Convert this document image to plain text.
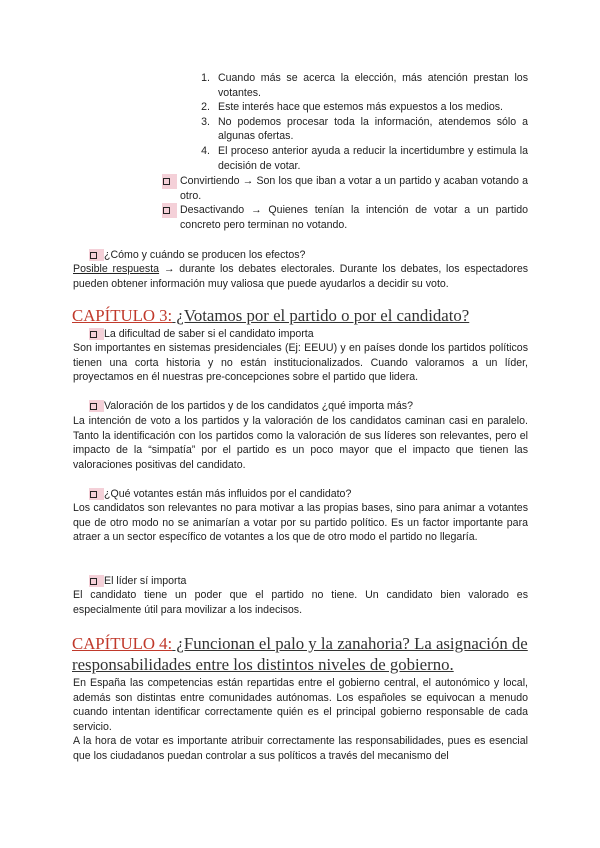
1. Cuando más se acerca la elección, más atención prestan los votantes.
2. Este interés hace que estemos más expuestos a los medios.
3. No podemos procesar toda la información, atendemos sólo a algunas ofertas.
4. El proceso anterior ayuda a reducir la incertidumbre y estimula la decisión de votar.
Convirtiendo → Son los que iban a votar a un partido y acaban votando a otro.
Desactivando → Quienes tenían la intención de votar a un partido concreto pero terminan no votando.
¿Cómo y cuándo se producen los efectos?
Posible respuesta → durante los debates electorales. Durante los debates, los espectadores pueden obtener información muy valiosa que puede ayudarlos a decidir su voto.
CAPÍTULO 3: ¿Votamos por el partido o por el candidato?
La dificultad de saber si el candidato importa
Son importantes en sistemas presidenciales (Ej: EEUU) y en países donde los partidos políticos tienen una corta historia y no están institucionalizados. Cuando valoramos a un líder, proyectamos en él nuestras pre-concepciones sobre el partido que lidera.
Valoración de los partidos y de los candidatos ¿qué importa más?
La intención de voto a los partidos y la valoración de los candidatos caminan casi en paralelo. Tanto la identificación con los partidos como la valoración de sus líderes son relevantes, pero el impacto de la “simpatía” por el partido es un poco mayor que el impacto que tienen las valoraciones positivas del candidato.
¿Qué votantes están más influidos por el candidato?
Los candidatos son relevantes no para motivar a las propias bases, sino para animar a votantes que de otro modo no se animarían a votar por su partido político. Es un factor importante para atraer a un sector específico de votantes a los que de otro modo el partido no llegaría.
El líder sí importa
El candidato tiene un poder que el partido no tiene. Un candidato bien valorado es especialmente útil para movilizar a los indecisos.
CAPÍTULO 4: ¿Funcionan el palo y la zanahoria? La asignación de responsabilidades entre los distintos niveles de gobierno.
En España las competencias están repartidas entre el gobierno central, el autonómico y local, además son distintas entre comunidades autónomas. Los españoles se equivocan a menudo cuando intentan identificar correctamente quién es el principal gobierno responsable de cada servicio.
A la hora de votar es importante atribuir correctamente las responsabilidades, pues es esencial que los ciudadanos puedan controlar a sus políticos a través del mecanismo del
